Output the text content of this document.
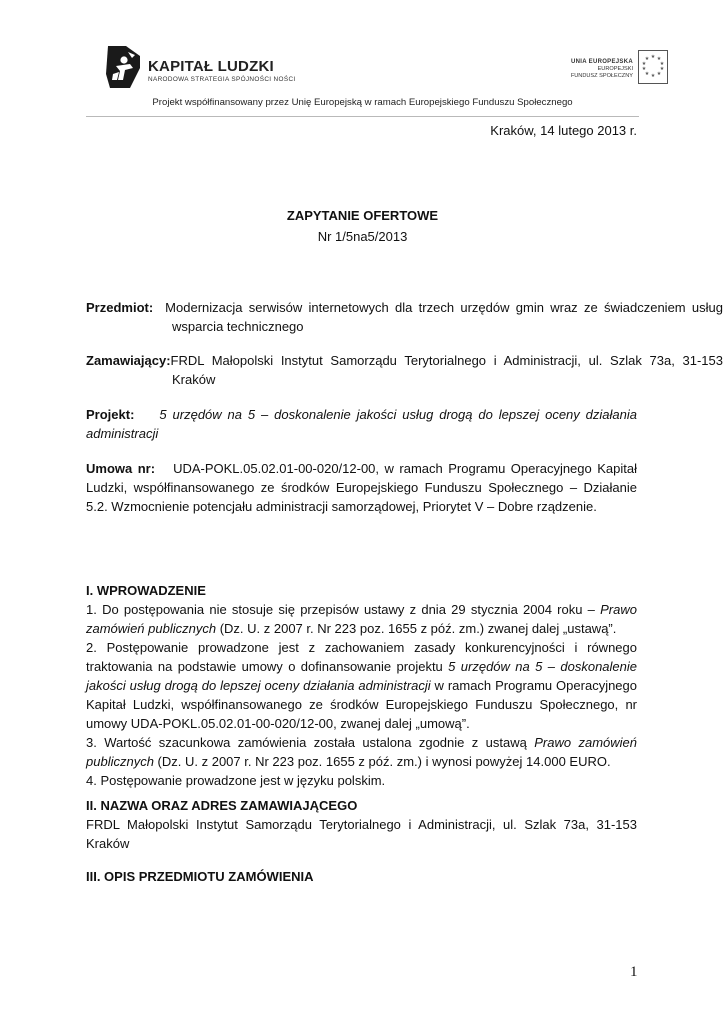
KAPITAŁ LUDZKI
NARODOWA STRATEGIA SPÓJNOŚCI NOŚCI
UNIA EUROPEJSKA
EUROPEJSKI
FUNDUSZ SPOŁECZNY
★ ★
★
★
★
★
★
★
★
★
Projekt współfinansowany przez Unię Europejską w ramach Europejskiego Funduszu Społecznego
Kraków, 14 lutego 2013 r.
ZAPYTANIE OFERTOWE
Nr 1/5na5/2013
Przedmiot: Modernizacja serwisów internetowych dla trzech urzędów gmin wraz ze świadczeniem usług wsparcia technicznego
Zamawiający:FRDL Małopolski Instytut Samorządu Terytorialnego i Administracji, ul. Szlak 73a, 31-153 Kraków
Projekt: 5 urzędów na 5 – doskonalenie jakości usług drogą do lepszej oceny działania administracji
Umowa nr: UDA-POKL.05.02.01-00-020/12-00, w ramach Programu Operacyjnego Kapitał Ludzki, współfinansowanego ze środków Europejskiego Funduszu Społecznego – Działanie 5.2. Wzmocnienie potencjału administracji samorządowej, Priorytet V – Dobre rządzenie.
I. WPROWADZENIE
1. Do postępowania nie stosuje się przepisów ustawy z dnia 29 stycznia 2004 roku – Prawo zamówień publicznych (Dz. U. z 2007 r. Nr 223 poz. 1655 z póź. zm.) zwanej dalej „ustawą”.
2. Postępowanie prowadzone jest z zachowaniem zasady konkurencyjności i równego traktowania na podstawie umowy o dofinansowanie projektu 5 urzędów na 5 – doskonalenie jakości usług drogą do lepszej oceny działania administracji w ramach Programu Operacyjnego Kapitał Ludzki, współfinansowanego ze środków Europejskiego Funduszu Społecznego, nr umowy UDA-POKL.05.02.01-00-020/12-00, zwanej dalej „umową”.
3. Wartość szacunkowa zamówienia została ustalona zgodnie z ustawą Prawo zamówień publicznych (Dz. U. z 2007 r. Nr 223 poz. 1655 z póź. zm.) i wynosi powyżej 14.000 EURO.
4. Postępowanie prowadzone jest w języku polskim.
II. NAZWA ORAZ ADRES ZAMAWIAJĄCEGO
FRDL Małopolski Instytut Samorządu Terytorialnego i Administracji, ul. Szlak 73a, 31-153 Kraków
III. OPIS PRZEDMIOTU ZAMÓWIENIA
1
